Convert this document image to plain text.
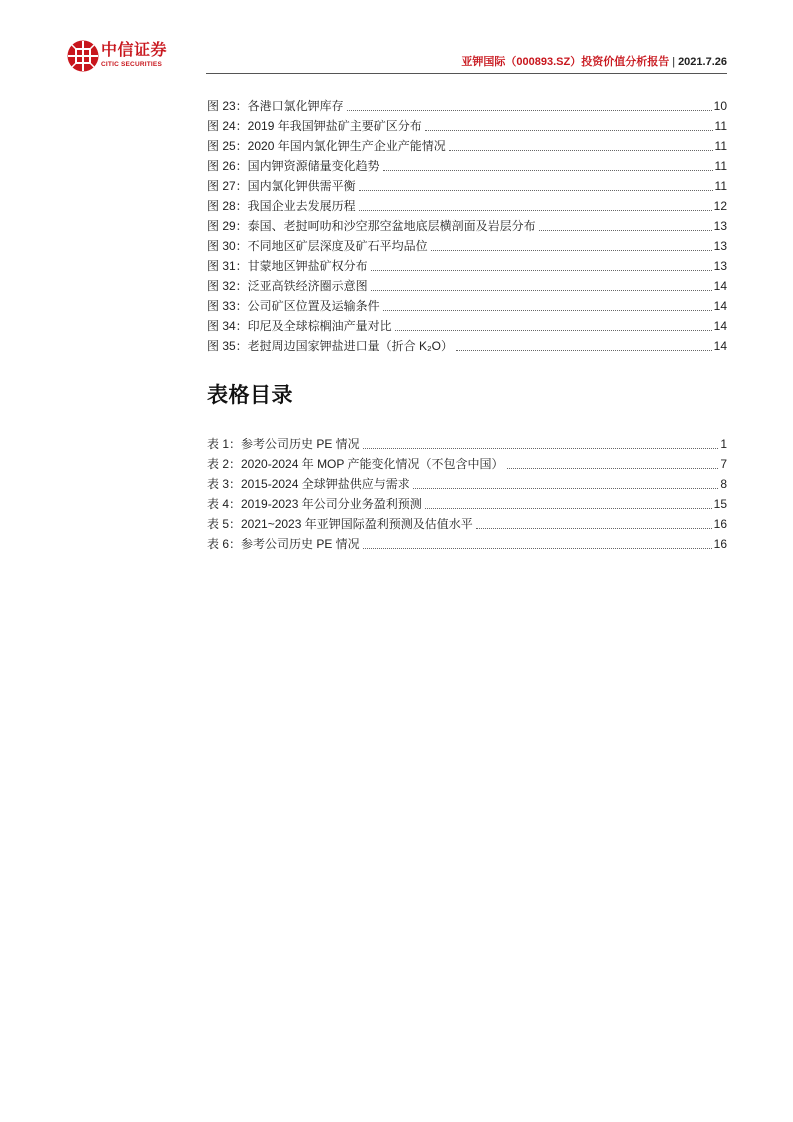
中信证券
CITIC SECURITIES	亚钾国际（000893.SZ）投资价值分析报告 | 2021.7.26
图 23：各港口氯化钾库存	10
图 24：2019 年我国钾盐矿主要矿区分布	11
图 25：2020 年国内氯化钾生产企业产能情况	11
图 26：国内钾资源储量变化趋势	11
图 27：国内氯化钾供需平衡	11
图 28：我国企业去发展历程	12
图 29：泰国、老挝呵叻和沙空那空盆地底层横剖面及岩层分布	13
图 30：不同地区矿层深度及矿石平均品位	13
图 31：甘蒙地区钾盐矿权分布	13
图 32：泛亚高铁经济圈示意图	14
图 33：公司矿区位置及运输条件	14
图 34：印尼及全球棕榈油产量对比	14
图 35：老挝周边国家钾盐进口量（折合 K₂O）	14
表格目录
表 1：参考公司历史 PE 情况	1
表 2：2020-2024 年 MOP 产能变化情况（不包含中国）	7
表 3：2015-2024 全球钾盐供应与需求	8
表 4：2019-2023 年公司分业务盈利预测	15
表 5：2021~2023 年亚钾国际盈利预测及估值水平	16
表 6：参考公司历史 PE 情况	16
